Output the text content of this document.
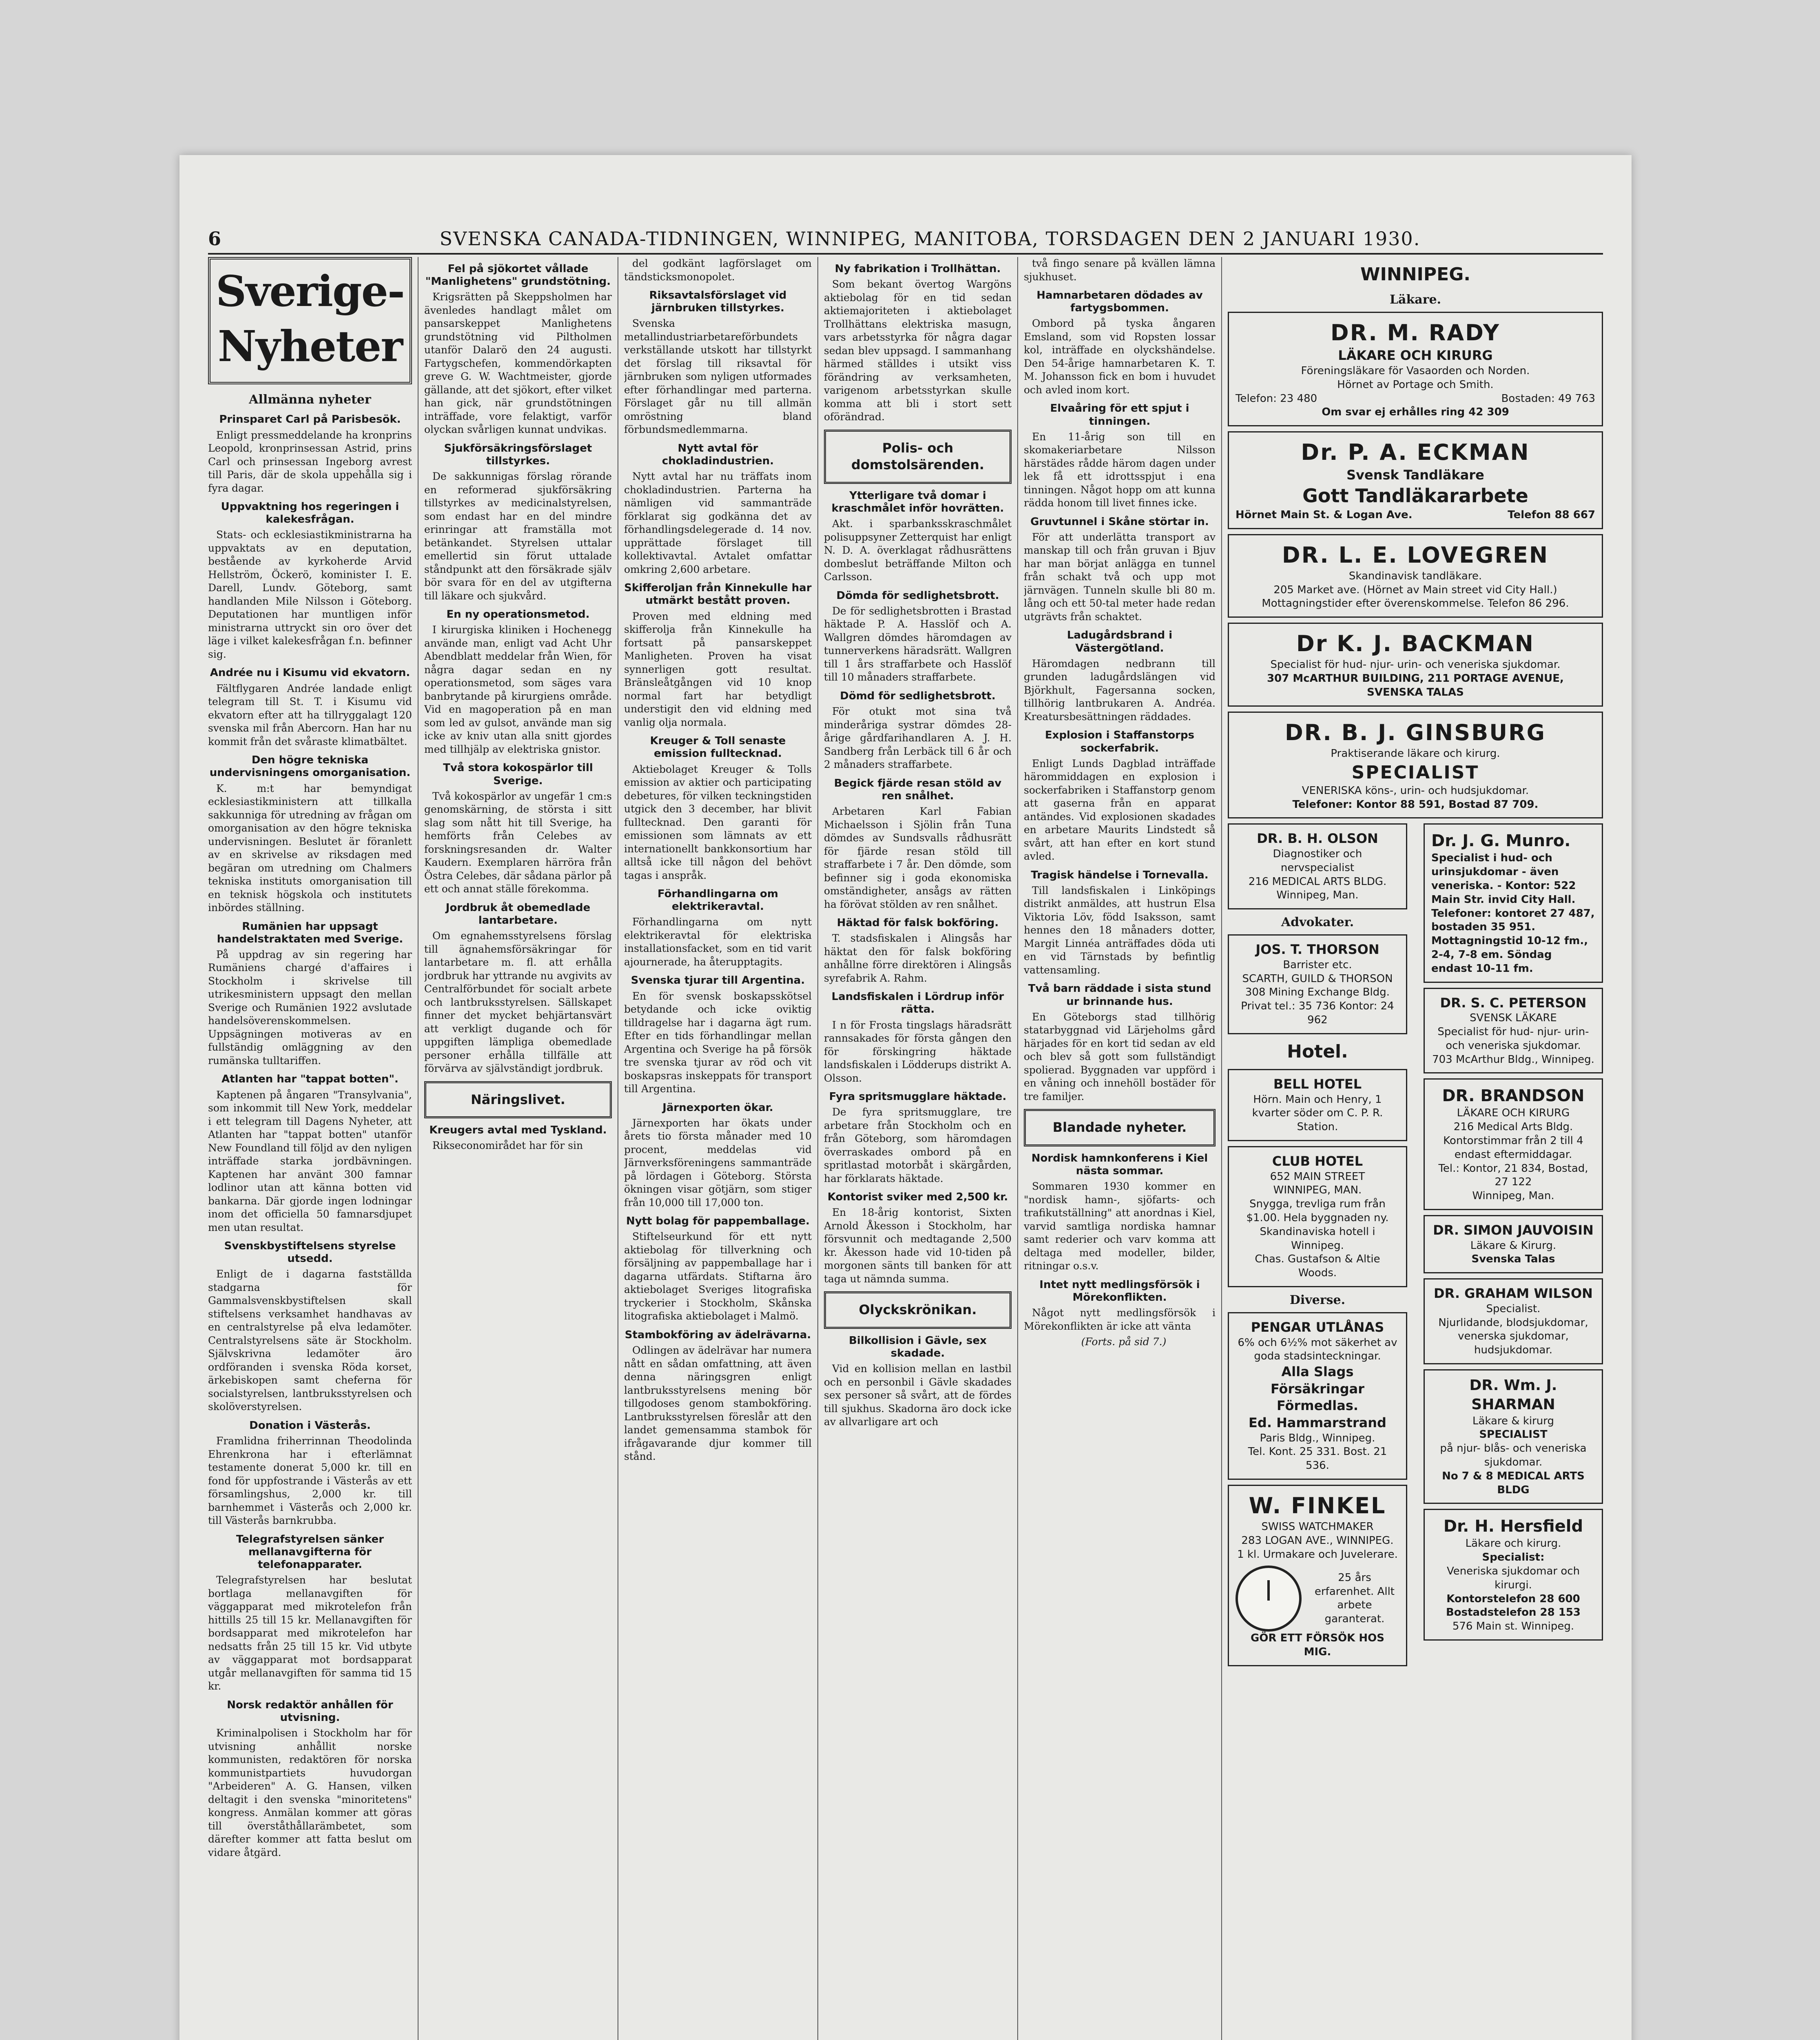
6	SVENSKA CANADA-TIDNINGEN, WINNIPEG, MANITOBA, TORSDAGEN DEN 2 JANUARI 1930.
Sverige-Nyheter
Allmänna nyheter
Prinsparet Carl på Parisbesök.

Enligt pressmeddelande ha kronprins Leopold, kronprinsessan Astrid, prins Carl och prinsessan Ingeborg avrest till Paris, där de skola uppehålla sig i fyra dagar.

Uppvaktning hos regeringen i kalekesfrågan.

Stats- och ecklesiastikministrarna ha uppvaktats av en deputation, bestående av kyrkoherde Arvid Hellström, Öckerö, kominister I. E. Darell, Lundv. Göteborg, samt handlanden Mile Nilsson i Göteborg. Deputationen har muntligen inför ministrarna uttryckt sin oro över det läge i vilket kalekesfrågan f.n. befinner sig.

Andrée nu i Kisumu vid ekvatorn.

Fältflygaren Andrée landade enligt telegram till St. T. i Kisumu vid ekvatorn efter att ha tillryggalagt 120 svenska mil från Abercorn. Han har nu kommit från det svåraste klimatbältet.

Den högre tekniska undervisningens omorganisation.

K. m:t har bemyndigat ecklesiastikministern att tillkalla sakkunniga för utredning av frågan om omorganisation av den högre tekniska undervisningen. Beslutet är föranlett av en skrivelse av riksdagen med begäran om utredning om Chalmers tekniska instituts omorganisation till en teknisk högskola och institutets inbördes ställning.

Rumänien har uppsagt handelstraktaten med Sverige.

På uppdrag av sin regering har Rumäniens chargé d'affaires i Stockholm i skrivelse till utrikesministern uppsagt den mellan Sverige och Rumänien 1922 avslutade handelsöverenskommelsen. Uppsägningen motiveras av en fullständig omläggning av den rumänska tulltariffen.

Atlanten har "tappat botten".

Kaptenen på ångaren "Transylvania", som inkommit till New York, meddelar i ett telegram till Dagens Nyheter, att Atlanten har "tappat botten" utanför New Foundland till följd av den nyligen inträffade starka jordbävningen. Kaptenen har använt 300 famnar lodlinor utan att känna botten vid bankarna. Där gjorde ingen lodningar inom det officiella 50 famnarsdjupet men utan resultat.

Svenskbystiftelsens styrelse utsedd.

Enligt de i dagarna fastställda stadgarna för Gammalsvenskbystiftelsen skall stiftelsens verksamhet handhavas av en centralstyrelse på elva ledamöter. Centralstyrelsens säte är Stockholm. Självskrivna ledamöter äro ordföranden i svenska Röda korset, ärkebiskopen samt cheferna för socialstyrelsen, lantbruksstyrelsen och skolöverstyrelsen.

Donation i Västerås.

Framlidna friherrinnan Theodolinda Ehrenkrona har i efterlämnat testamente donerat 5,000 kr. till en fond för uppfostrande i Västerås av ett församlingshus, 2,000 kr. till barnhemmet i Västerås och 2,000 kr. till Västerås barnkrubba.

Telegrafstyrelsen sänker mellanavgifterna för telefonapparater.

Telegrafstyrelsen har beslutat bortlaga mellanavgiften för väggapparat med mikrotelefon från hittills 25 till 15 kr. Mellanavgiften för bordsapparat med mikrotelefon har nedsatts från 25 till 15 kr. Vid utbyte av väggapparat mot bordsapparat utgår mellanavgiften för samma tid 15 kr.

Norsk redaktör anhållen för utvisning.

Kriminalpolisen i Stockholm har för utvisning anhållit norske kommunisten, redaktören för norska kommunistpartiets huvudorgan "Arbeideren" A. G. Hansen, vilken deltagit i den svenska "minoritetens" kongress. Anmälan kommer att göras till överståthållarämbetet, som därefter kommer att fatta beslut om vidare åtgärd.

Fel på sjökortet vållade "Manlighetens" grundstötning.

Krigsrätten på Skeppsholmen har ävenledes handlagt målet om pansarskeppet Manlighetens grundstötning vid Piltholmen utanför Dalarö den 24 augusti. Fartygschefen, kommendörkapten greve G. W. Wachtmeister, gjorde gällande, att det sjökort, efter vilket han gick, när grundstötningen inträffade, vore felaktigt, varför olyckan svårligen kunnat undvikas.

Sjukförsäkringsförslaget tillstyrkes.

De sakkunnigas förslag rörande en reformerad sjukförsäkring tillstyrkes av medicinalstyrelsen, som endast har en del mindre erinringar att framställa mot betänkandet. Styrelsen uttalar emellertid sin förut uttalade ståndpunkt att den försäkrade själv bör svara för en del av utgifterna till läkare och sjukvård.

En ny operationsmetod.

I kirurgiska kliniken i Hochenegg använde man, enligt vad Acht Uhr Abendblatt meddelar från Wien, för några dagar sedan en ny operationsmetod, som säges vara banbrytande på kirurgiens område. Vid en magoperation på en man som led av gulsot, använde man sig icke av kniv utan alla snitt gjordes med tillhjälp av elektriska gnistor.

Två stora kokospärlor till Sverige.

Två kokospärlor av ungefär 1 cm:s genomskärning, de största i sitt slag som nått hit till Sverige, ha hemförts från Celebes av forskningsresanden dr. Walter Kaudern. Exemplaren härröra från Östra Celebes, där sådana pärlor på ett och annat ställe förekomma.

Jordbruk åt obemedlade lantarbetare.

Om egnahemsstyrelsens förslag till ägnahemsförsäkringar för lantarbetare m. fl. att erhålla jordbruk har yttrande nu avgivits av Centralförbundet för socialt arbete och lantbruksstyrelsen. Sällskapet finner det mycket behjärtansvärt att verkligt dugande och för uppgiften lämpliga obemedlade personer erhålla tillfälle att förvärva av självständigt jordbruk.

Näringslivet.
Kreugers avtal med Tyskland.

Rikseconomirådet har för sin

del godkänt lagförslaget om tändsticksmonopolet.

Riksavtalsförslaget vid järnbruken tillstyrkes.

Svenska metallindustriarbetareförbundets verkställande utskott har tillstyrkt det förslag till riksavtal för järnbruken som nyligen utformades efter förhandlingar med parterna. Förslaget går nu till allmän omröstning bland förbundsmedlemmarna.

Nytt avtal för chokladindustrien.

Nytt avtal har nu träffats inom chokladindustrien. Parterna ha nämligen vid sammanträde förklarat sig godkänna det av förhandlingsdelegerade d. 14 nov. upprättade förslaget till kollektivavtal. Avtalet omfattar omkring 2,600 arbetare.

Skifferoljan från Kinnekulle har utmärkt bestått proven.

Proven med eldning med skifferolja från Kinnekulle ha fortsatt på pansarskeppet Manligheten. Proven ha visat synnerligen gott resultat. Bränsleåtgången vid 10 knop normal fart har betydligt understigit den vid eldning med vanlig olja normala.

Kreuger & Toll senaste emission fulltecknad.

Aktiebolaget Kreuger & Tolls emission av aktier och participating debetures, för vilken teckningstiden utgick den 3 december, har blivit fulltecknad. Den garanti för emissionen som lämnats av ett internationellt bankkonsortium har alltså icke till någon del behövt tagas i anspråk.

Förhandlingarna om elektrikeravtal.

Förhandlingarna om nytt elektrikeravtal för elektriska installationsfacket, som en tid varit ajournerade, ha återupptagits.

Svenska tjurar till Argentina.

En för svensk boskapsskötsel betydande och icke oviktig tilldragelse har i dagarna ägt rum. Efter en tids förhandlingar mellan Argentina och Sverige ha på försök tre svenska tjurar av röd och vit boskapsras inskeppats för transport till Argentina.

Järnexporten ökar.

Järnexporten har ökats under årets tio första månader med 10 procent, meddelas vid Järnverksföreningens sammanträde på lördagen i Göteborg. Största ökningen visar götjärn, som stiger från 10,000 till 17,000 ton.

Nytt bolag för pappemballage.

Stiftelseurkund för ett nytt aktiebolag för tillverkning och försäljning av pappemballage har i dagarna utfärdats. Stiftarna äro aktiebolaget Sveriges litografiska tryckerier i Stockholm, Skånska litografiska aktiebolaget i Malmö.

Stambokföring av ädelrävarna.

Odlingen av ädelrävar har numera nått en sådan omfattning, att även denna näringsgren enligt lantbruksstyrelsens mening bör tillgodoses genom stambokföring. Lantbruksstyrelsen föreslår att den landet gemensamma stambok för ifrågavarande djur kommer till stånd.

Ny fabrikation i Trollhättan.

Som bekant övertog Wargöns aktiebolag för en tid sedan aktiemajoriteten i aktiebolaget Trollhättans elektriska masugn, vars arbetsstyrka för några dagar sedan blev uppsagd. I sammanhang härmed ställdes i utsikt viss förändring av verksamheten, varigenom arbetsstyrkan skulle komma att bli i stort sett oförändrad.

Polis- och domstolsärenden.
Ytterligare två domar i kraschmålet inför hovrätten.

Akt. i sparbanksskraschmålet polisuppsyner Zetterquist har enligt N. D. A. överklagat rådhusrättens dombeslut beträffande Milton och Carlsson.

Dömda för sedlighetsbrott.

De för sedlighetsbrotten i Brastad häktade P. A. Hasslöf och A. Wallgren dömdes häromdagen av tunnerverkens häradsrätt. Wallgren till 1 års straffarbete och Hasslöf till 10 månaders straffarbete.

Dömd för sedlighetsbrott.

För otukt mot sina två minderåriga systrar dömdes 28-årige gårdfarihandlaren A. J. H. Sandberg från Lerbäck till 6 år och 2 månaders straffarbete.

Begick fjärde resan stöld av ren snålhet.

Arbetaren Karl Fabian Michaelsson i Sjölin från Tuna dömdes av Sundsvalls rådhusrätt för fjärde resan stöld till straffarbete i 7 år. Den dömde, som befinner sig i goda ekonomiska omständigheter, ansågs av rätten ha förövat stölden av ren snålhet.

Häktad för falsk bokföring.

T. stadsfiskalen i Alingsås har häktat den för falsk bokföring anhållne förre direktören i Alingsås syrefabrik A. Rahm.

Landsfiskalen i Lördrup inför rätta.

I n för Frosta tingslags häradsrätt rannsakades för första gången den för förskingring häktade landsfiskalen i Lödderups distrikt A. Olsson.

Fyra spritsmugglare häktade.

De fyra spritsmugglare, tre arbetare från Stockholm och en från Göteborg, som häromdagen överraskades ombord på en spritlastad motorbåt i skärgården, har förklarats häktade.

Kontorist sviker med 2,500 kr.

En 18-årig kontorist, Sixten Arnold Åkesson i Stockholm, har försvunnit och medtagande 2,500 kr. Åkesson hade vid 10-tiden på morgonen sänts till banken för att taga ut nämnda summa.

Olyckskrönikan.
Bilkollision i Gävle, sex skadade.

Vid en kollision mellan en lastbil och en personbil i Gävle skadades sex personer så svårt, att de fördes till sjukhus. Skadorna äro dock icke av allvarligare art och

två fingo senare på kvällen lämna sjukhuset.

Hamnarbetaren dödades av fartygsbommen.

Ombord på tyska ångaren Emsland, som vid Ropsten lossar kol, inträffade en olyckshändelse. Den 54-årige hamnarbetaren K. T. M. Johansson fick en bom i huvudet och avled inom kort.

Elvaåring för ett spjut i tinningen.

En 11-årig son till en skomakeriarbetare Nilsson härstädes rådde härom dagen under lek få ett idrottsspjut i ena tinningen. Något hopp om att kunna rädda honom till livet finnes icke.

Gruvtunnel i Skåne störtar in.

För att underlätta transport av manskap till och från gruvan i Bjuv har man börjat anlägga en tunnel från schakt två och upp mot järnvägen. Tunneln skulle bli 80 m. lång och ett 50-tal meter hade redan utgrävts från schaktet.

Ladugårdsbrand i Västergötland.

Häromdagen nedbrann till grunden ladugårdslängen vid Björkhult, Fagersanna socken, tillhörig lantbrukaren A. Andréa. Kreatursbesättningen räddades.

Explosion i Staffanstorps sockerfabrik.

Enligt Lunds Dagblad inträffade härommiddagen en explosion i sockerfabriken i Staffanstorp genom att gaserna från en apparat antändes. Vid explosionen skadades en arbetare Maurits Lindstedt så svårt, att han efter en kort stund avled.

Tragisk händelse i Tornevalla.

Till landsfiskalen i Linköpings distrikt anmäldes, att hustrun Elsa Viktoria Löv, född Isaksson, samt hennes den 18 månaders dotter, Margit Linnéa anträffades döda uti en vid Tärnstads by befintlig vattensamling.

Två barn räddade i sista stund ur brinnande hus.

En Göteborgs stad tillhörig statarbyggnad vid Lärjeholms gård härjades för en kort tid sedan av eld och blev så gott som fullständigt spolierad. Byggnaden var uppförd i en våning och innehöll bostäder för tre familjer.

Blandade nyheter.
Nordisk hamnkonferens i Kiel nästa sommar.

Sommaren 1930 kommer en "nordisk hamn-, sjöfarts- och trafikutställning" att anordnas i Kiel, varvid samtliga nordiska hamnar samt rederier och varv komma att deltaga med modeller, bilder, ritningar o.s.v.

Intet nytt medlingsförsök i Mörekonflikten.

Något nytt medlingsförsök i Mörekonflikten är icke att vänta

(Forts. på sid 7.)

WINNIPEG.
Läkare.
DR. M. RADY
LÄKARE OCH KIRURG
Föreningsläkare för Vasaorden och Norden.
Hörnet av Portage och Smith.
Telefon: 23 480	Bostaden: 49 763
Om svar ej erhålles ring 42 309
Dr. P. A. ECKMAN
Svensk Tandläkare
Gott Tandläkararbete
Hörnet Main St. & Logan Ave.	Telefon 88 667
DR. L. E. LOVEGREN
Skandinavisk tandläkare.
205 Market ave. (Hörnet av Main street vid City Hall.)
Mottagningstider efter överenskommelse. Telefon 86 296.
Dr K. J. BACKMAN
Specialist för hud- njur- urin- och veneriska sjukdomar.
307 McARTHUR BUILDING, 211 PORTAGE AVENUE,
SVENSKA TALAS
DR. B. J. GINSBURG
Praktiserande läkare och kirurg.
SPECIALIST
VENERISKA köns-, urin- och hudsjukdomar.
Telefoner: Kontor 88 591, Bostad 87 709.
DR. B. H. OLSON
Diagnostiker och nervspecialist
216 MEDICAL ARTS BLDG.
Winnipeg, Man.
Advokater.
JOS. T. THORSON
Barrister etc.
SCARTH, GUILD & THORSON
308 Mining Exchange Bldg.
Privat tel.: 35 736 Kontor: 24 962
Hotel.
BELL HOTEL
Hörn. Main och Henry, 1 kvarter söder om C. P. R. Station.
CLUB HOTEL
652 MAIN STREET
WINNIPEG, MAN.
Snygga, trevliga rum från $1.00. Hela byggnaden ny. Skandinaviska hotell i Winnipeg.
Chas. Gustafson & Altie Woods.
Diverse.
PENGAR UTLÅNAS
6% och 6½% mot säkerhet av goda stadsinteckningar.
Alla Slags Försäkringar Förmedlas.
Ed. Hammarstrand
Paris Bldg., Winnipeg.
Tel. Kont. 25 331. Bost. 21 536.
W. FINKEL
SWISS WATCHMAKER
283 LOGAN AVE., WINNIPEG.
1 kl. Urmakare och Juvelerare.
25 års erfarenhet. Allt arbete garanterat.
GÖR ETT FÖRSÖK HOS MIG.
Dr. J. G. Munro.
Specialist i hud- och urinsjukdomar - även veneriska. - Kontor: 522 Main Str. invid City Hall.
Telefoner: kontoret 27 487, bostaden 35 951.
Mottagningstid 10-12 fm., 2-4, 7-8 em. Söndag endast 10-11 fm.
DR. S. C. PETERSON
SVENSK LÄKARE
Specialist för hud- njur- urin- och veneriska sjukdomar.
703 McArthur Bldg., Winnipeg.
DR. BRANDSON
LÄKARE OCH KIRURG
216 Medical Arts Bldg.
Kontorstimmar från 2 till 4 endast eftermiddagar.
Tel.: Kontor, 21 834, Bostad, 27 122
Winnipeg, Man.
DR. SIMON JAUVOISIN
Läkare & Kirurg.
Svenska Talas
DR. GRAHAM WILSON
Specialist.
Njurlidande, blodsjukdomar, venerska sjukdomar, hudsjukdomar.
DR. Wm. J. SHARMAN
Läkare & kirurg
SPECIALIST
på njur- blås- och veneriska sjukdomar.
No 7 & 8 MEDICAL ARTS BLDG
Dr. H. Hersfield
Läkare och kirurg.
Specialist:
Veneriska sjukdomar och kirurgi.
Kontorstelefon 28 600
Bostadstelefon 28 153
576 Main st. Winnipeg.
